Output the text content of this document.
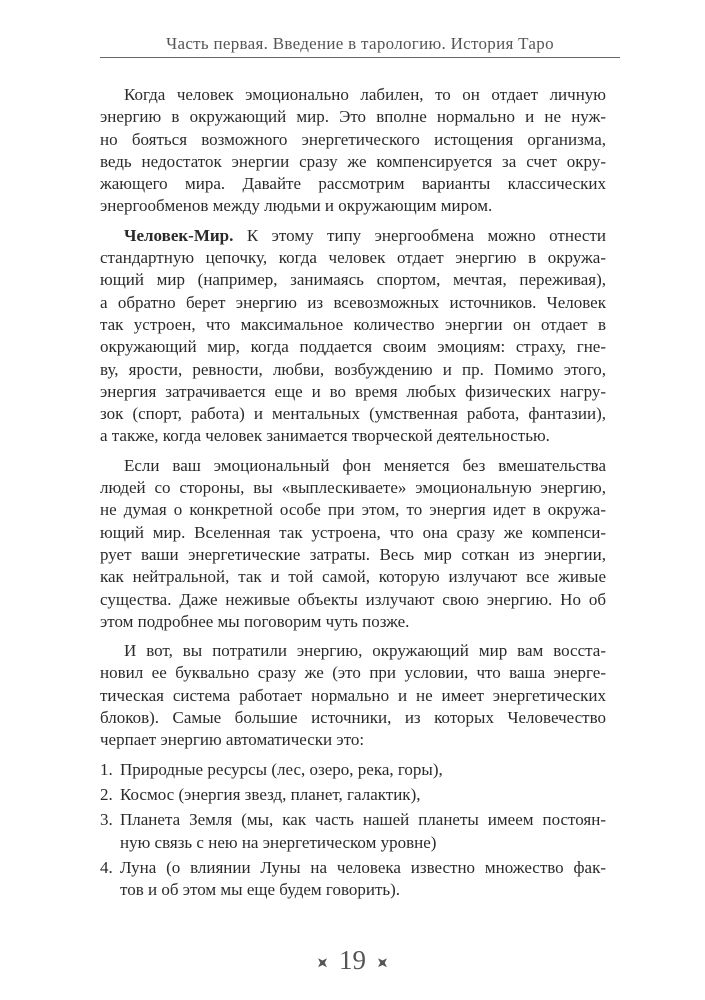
Часть первая. Введение в тарологию. История Таро
Когда человек эмоционально лабилен, то он отдает личную
энергию в окружающий мир. Это вполне нормально и не нуж-
но бояться возможного энергетического истощения организма,
ведь недостаток энергии сразу же компенсируется за счет окру-
жающего мира. Давайте рассмотрим варианты классических
энергообменов между людьми и окружающим миром.
Человек-Мир. К этому типу энергообмена можно отнести
стандартную цепочку, когда человек отдает энергию в окружа-
ющий мир (например, занимаясь спортом, мечтая, переживая),
а обратно берет энергию из всевозможных источников. Человек
так устроен, что максимальное количество энергии он отдает в
окружающий мир, когда поддается своим эмоциям: страху, гне-
ву, ярости, ревности, любви, возбуждению и пр. Помимо этого,
энергия затрачивается еще и во время любых физических нагру-
зок (спорт, работа) и ментальных (умственная работа, фантазии),
а также, когда человек занимается творческой деятельностью.
Если ваш эмоциональный фон меняется без вмешательства
людей со стороны, вы «выплескиваете» эмоциональную энергию,
не думая о конкретной особе при этом, то энергия идет в окружа-
ющий мир. Вселенная так устроена, что она сразу же компенси-
рует ваши энергетические затраты. Весь мир соткан из энергии,
как нейтральной, так и той самой, которую излучают все живые
существа. Даже неживые объекты излучают свою энергию. Но об
этом подробнее мы поговорим чуть позже.
И вот, вы потратили энергию, окружающий мир вам восста-
новил ее буквально сразу же (это при условии, что ваша энерге-
тическая система работает нормально и не имеет энергетических
блоков). Самые большие источники, из которых Человечество
черпает энергию автоматически это:
1. Природные ресурсы (лес, озеро, река, горы),
2. Космос (энергия звезд, планет, галактик),
3. Планета Земля (мы, как часть нашей планеты имеем постоян-
ную связь с нею на энергетическом уровне)
4. Луна (о влиянии Луны на человека известно множество фак-
тов и об этом мы еще будем говорить).
19
